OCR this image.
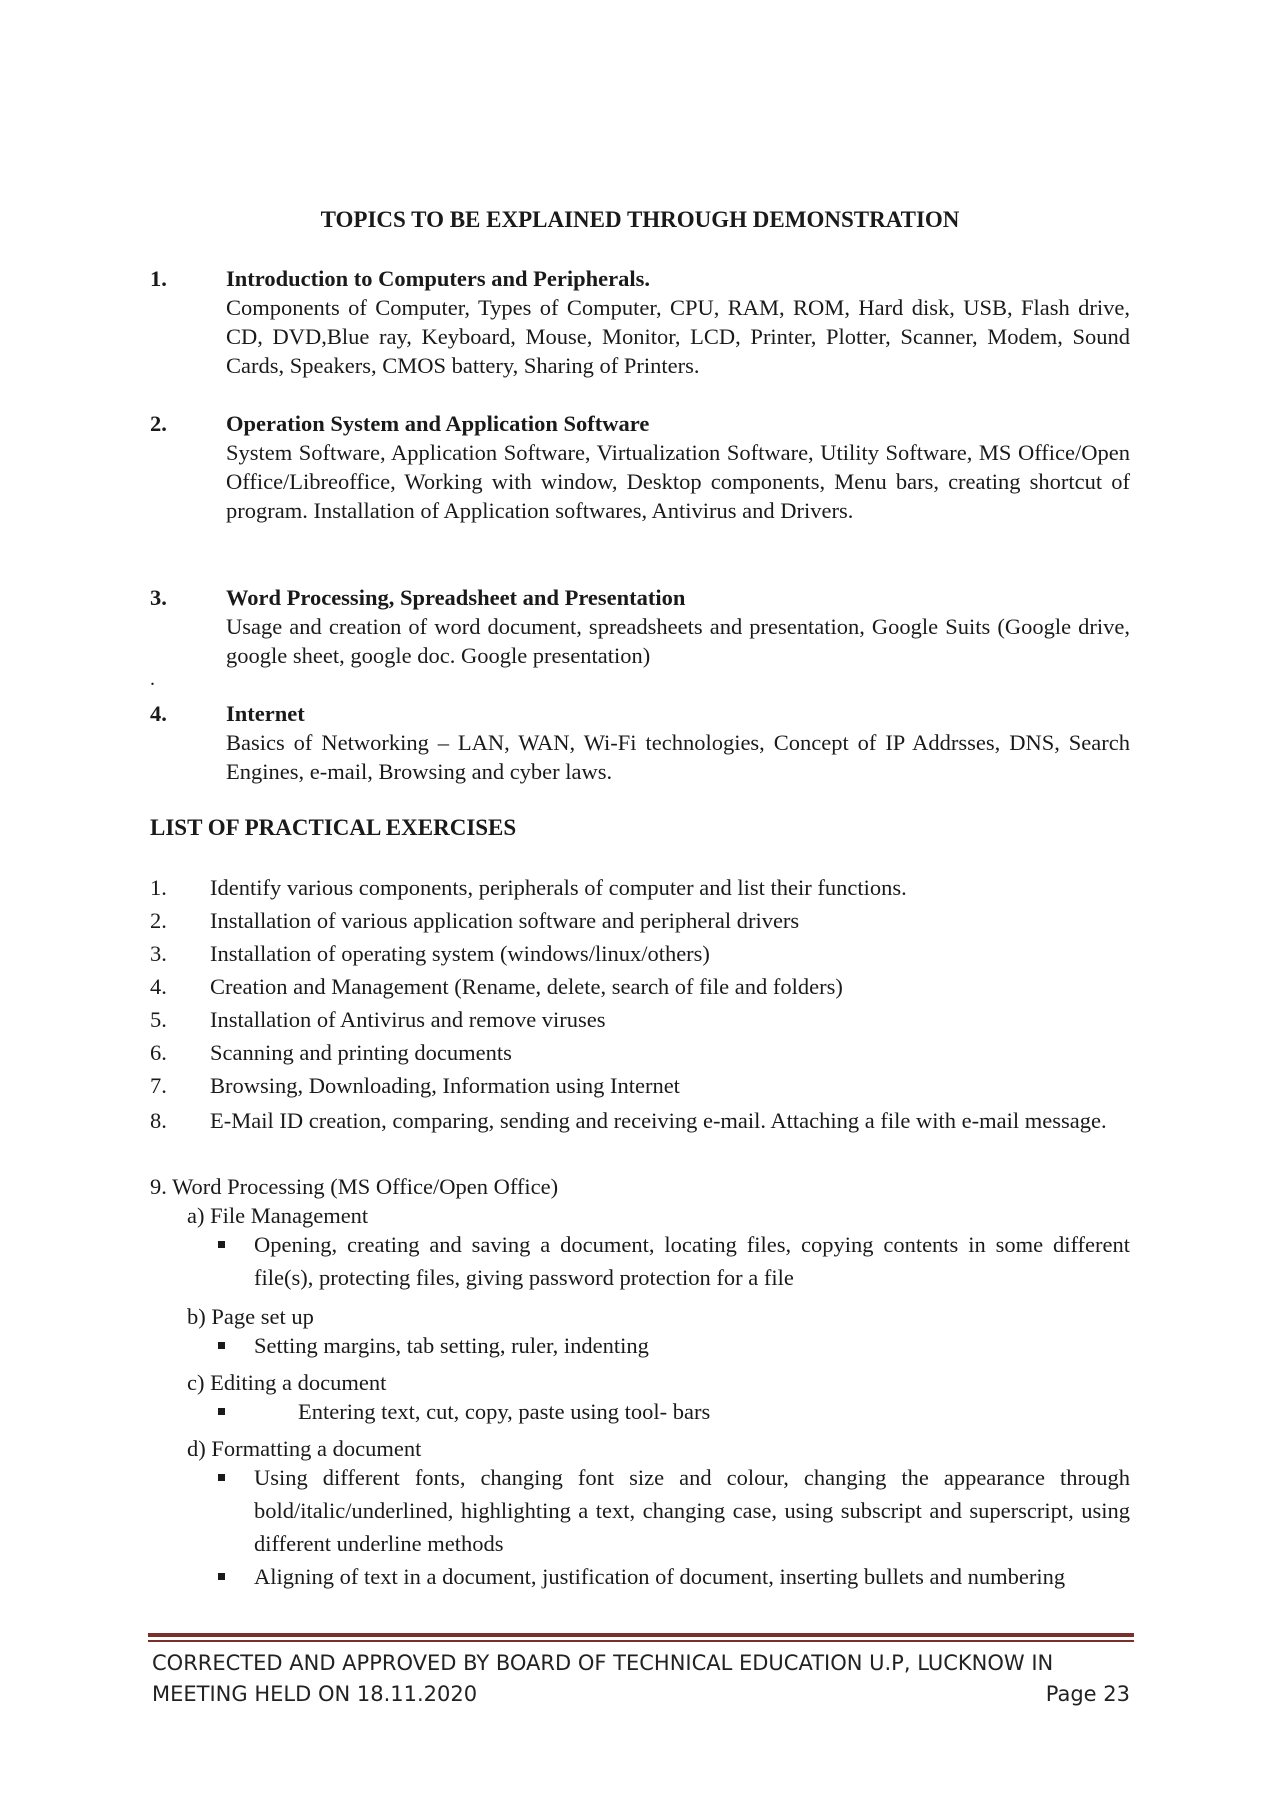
TOPICS TO BE EXPLAINED THROUGH DEMONSTRATION
1.	Introduction to Computers and Peripherals.
Components of Computer, Types of Computer, CPU, RAM, ROM, Hard disk, USB, Flash drive, CD, DVD,Blue ray, Keyboard, Mouse, Monitor, LCD, Printer, Plotter, Scanner, Modem, Sound Cards, Speakers, CMOS battery, Sharing of Printers.
2.	Operation System and Application Software
System Software, Application Software, Virtualization Software, Utility Software, MS Office/Open Office/Libreoffice, Working with window, Desktop components, Menu bars, creating shortcut of program. Installation of Application softwares, Antivirus and Drivers.
3.	Word Processing, Spreadsheet and Presentation
Usage and creation of word document, spreadsheets and presentation, Google Suits (Google drive, google sheet, google doc. Google presentation)
.
4.	Internet
Basics of Networking – LAN, WAN, Wi-Fi technologies, Concept of IP Addrsses, DNS, Search Engines, e-mail, Browsing and cyber laws.
LIST OF PRACTICAL EXERCISES
1. Identify various components, peripherals of computer and list their functions.
2. Installation of various application software and peripheral drivers
3. Installation of operating system (windows/linux/others)
4. Creation and Management (Rename, delete, search of file and folders)
5. Installation of Antivirus and remove viruses
6. Scanning and printing documents
7. Browsing, Downloading, Information using Internet
8. E-Mail ID creation, comparing, sending and receiving e-mail. Attaching a file with e-mail message.
9. Word Processing (MS Office/Open Office)
a) File Management
Opening, creating and saving a document, locating files, copying contents in some different file(s), protecting files, giving password protection for a file
b) Page set up
Setting margins, tab setting, ruler, indenting
c) Editing a document
Entering text, cut, copy, paste using tool- bars
d) Formatting a document
Using different fonts, changing font size and colour, changing the appearance through bold/italic/underlined, highlighting a text, changing case, using subscript and superscript, using different underline methods
Aligning of text in a document, justification of document, inserting bullets and numbering
CORRECTED AND APPROVED BY BOARD OF TECHNICAL EDUCATION U.P, LUCKNOW IN
MEETING HELD ON 18.11.2020	Page 23
